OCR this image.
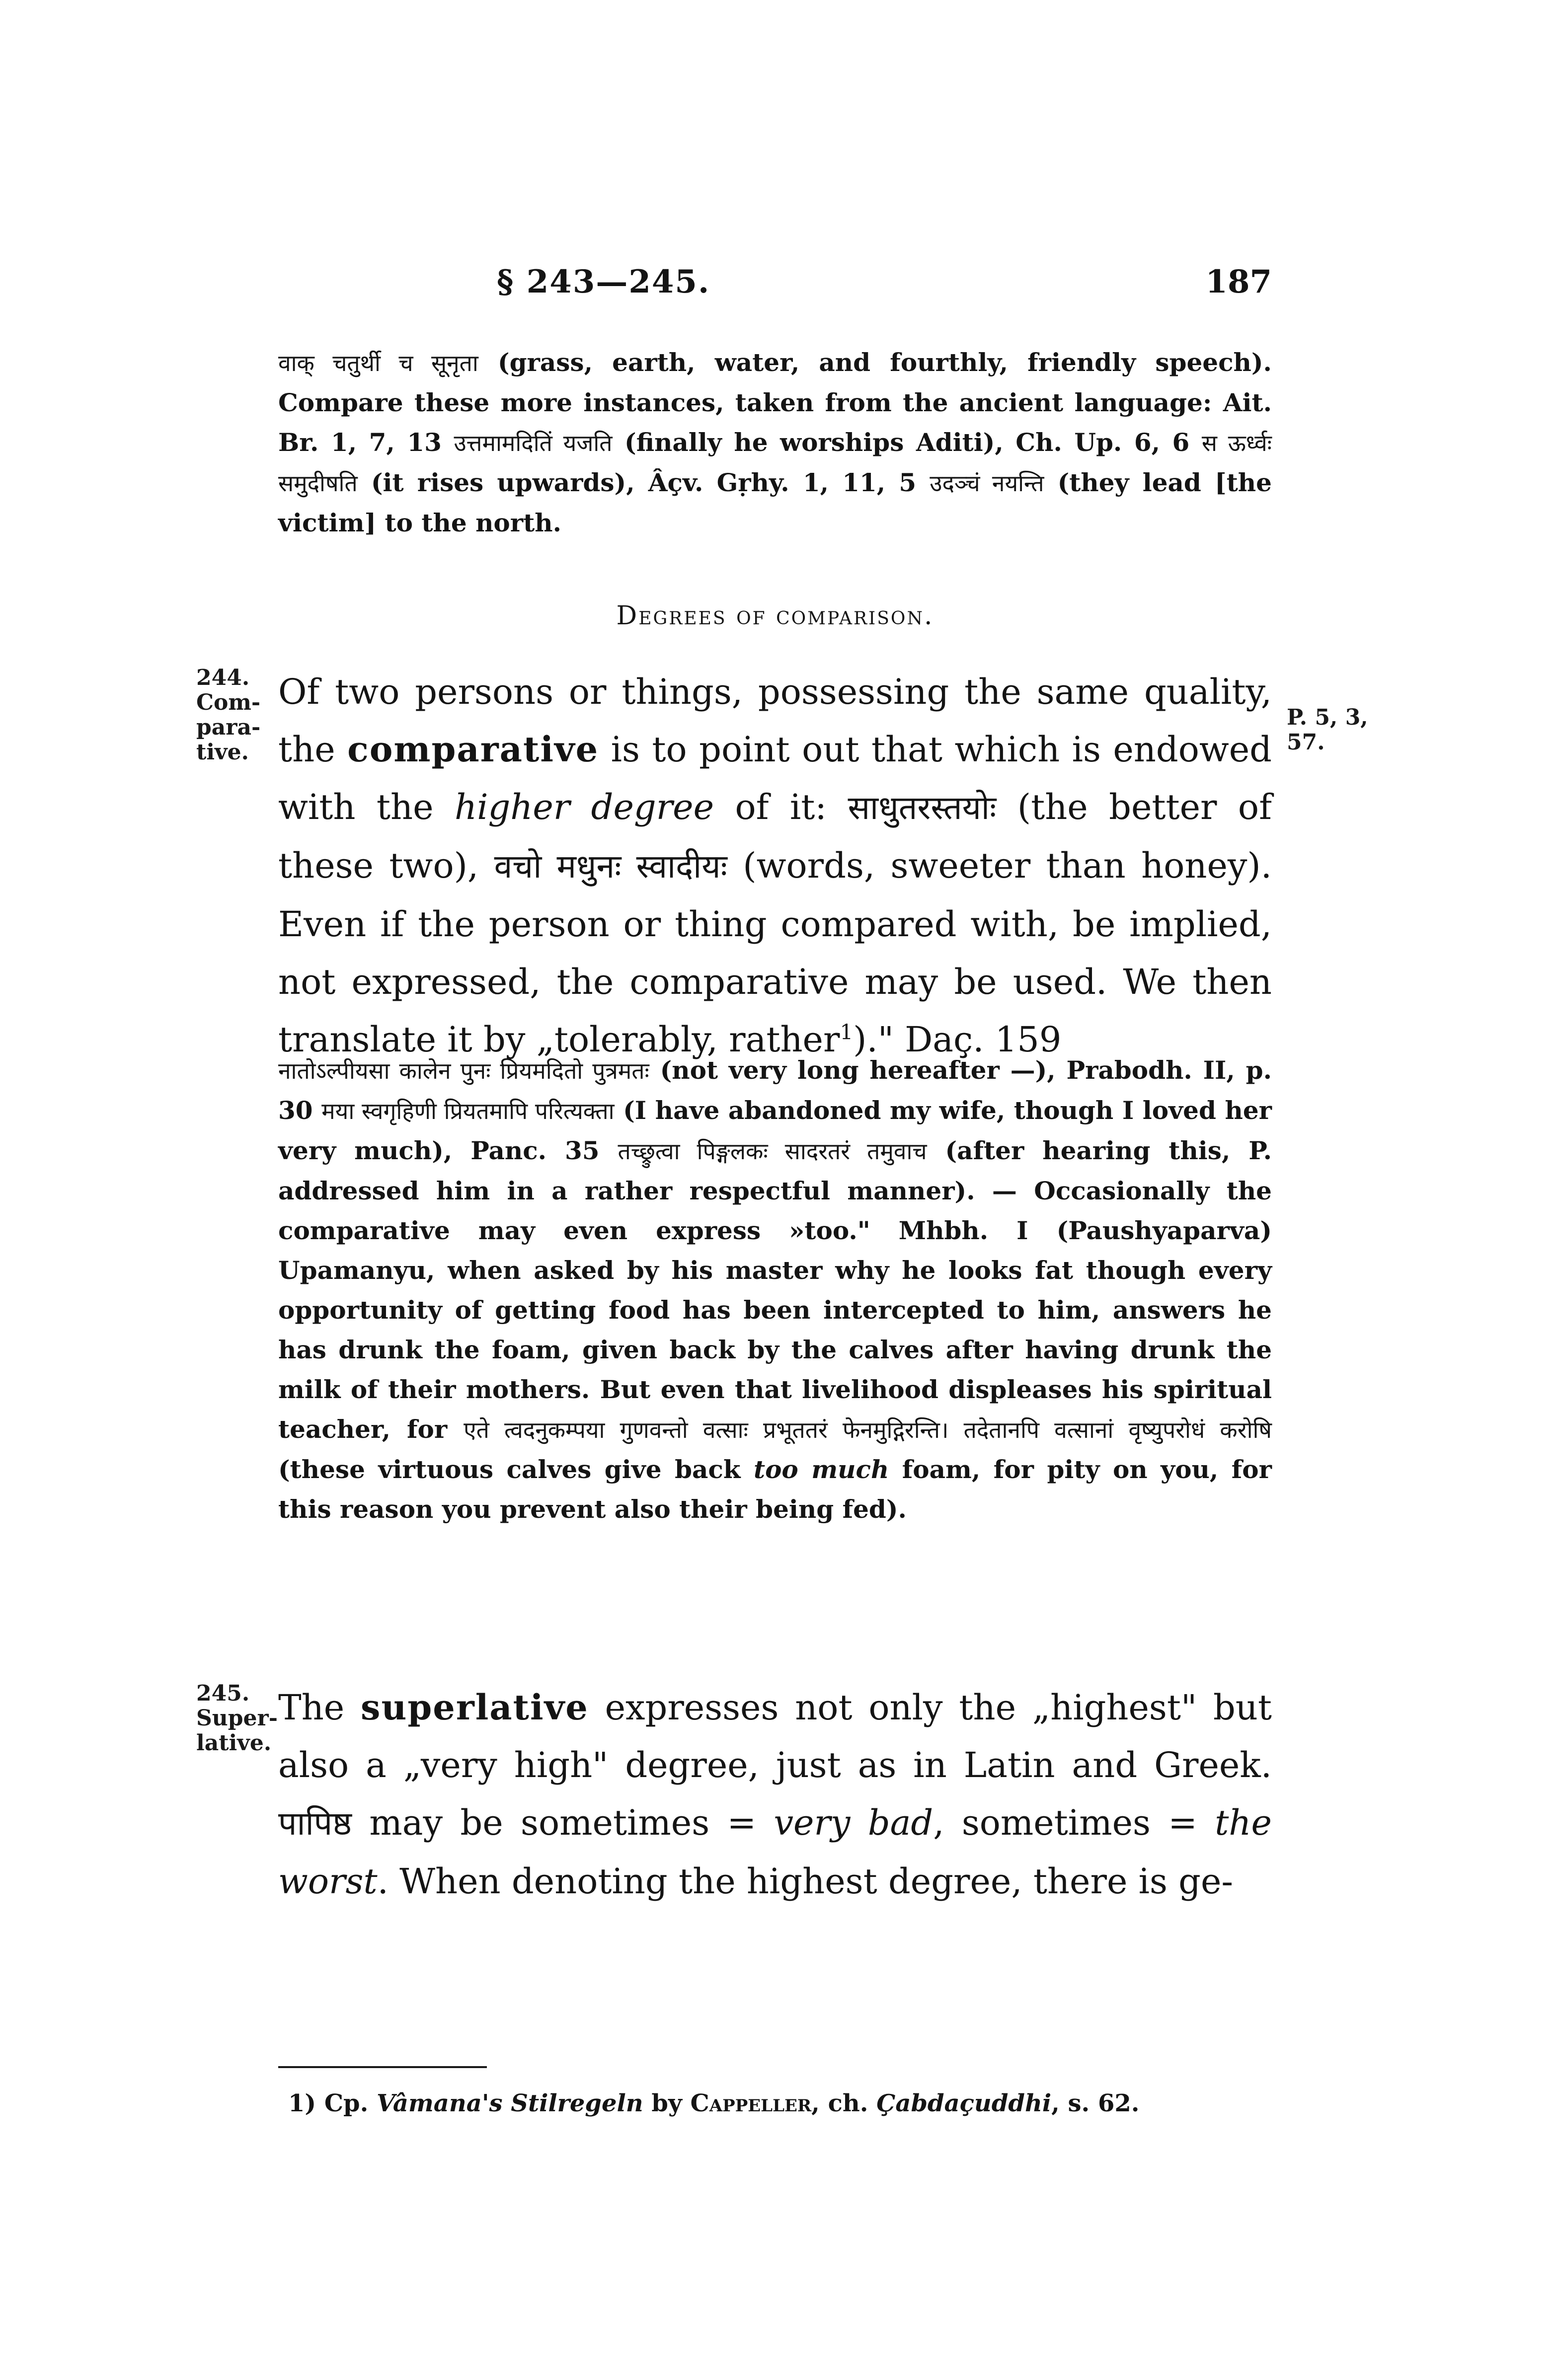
§ 243—245.	187
वाक् चतुर्थी च सूनृता (grass, earth, water, and fourthly, friendly speech). Compare these more instances, taken from the ancient language: Ait. Br. 1, 7, 13 उत्तमामदितिं यजति (finally he worships Aditi), Ch. Up. 6, 6 स ऊर्ध्वः समुदीषति (it rises upwards), Âçv. Gṛhy. 1, 11, 5 उदञ्चं नयन्ति (they lead [the victim] to the north.
Degrees of comparison.
244.
Com-
para-
tive.
P. 5, 3,
57.
Of two persons or things, possessing the same quality, the comparative is to point out that which is endowed with the higher degree of it: साधुतरस्तयोः (the better of these two), वचो मधुनः स्वादीयः (words, sweeter than honey). Even if the person or thing compared with, be implied, not expressed, the comparative may be used. We then translate it by „tolerably, rather$^1$)." Daç. 159
नातोऽल्पीयसा कालेन पुनः प्रियमदितो पुत्रमतः (not very long hereafter —), Prabodh. II, p. 30 मया स्वगृहिणी प्रियतमापि परित्यक्ता (I have abandoned my wife, though I loved her very much), Panc. 35 तच्छ्रुत्वा पिङ्गलकः सादरतरं तमुवाच (after hearing this, P. addressed him in a rather respectful manner). — Occasionally the comparative may even express »too." Mhbh. I (Paushyaparva) Upamanyu, when asked by his master why he looks fat though every opportunity of getting food has been intercepted to him, answers he has drunk the foam, given back by the calves after having drunk the milk of their mothers. But even that livelihood displeases his spiritual teacher, for एते त्वदनुकम्पया गुणवन्तो वत्साः प्रभूततरं फेनमुद्गिरन्ति। तदेतानपि वत्सानां वृष्युपरोधं करोषि (these virtuous calves give back too much foam, for pity on you, for this reason you prevent also their being fed).
245.
Super-
lative.
The superlative expresses not only the „highest" but also a „very high" degree, just as in Latin and Greek. पापिष्ठ may be sometimes = very bad, sometimes = the worst. When denoting the highest degree, there is ge-
1) Cp. Vâmana's Stilregeln by Cappeller, ch. Çabdaçuddhi, s. 62.
